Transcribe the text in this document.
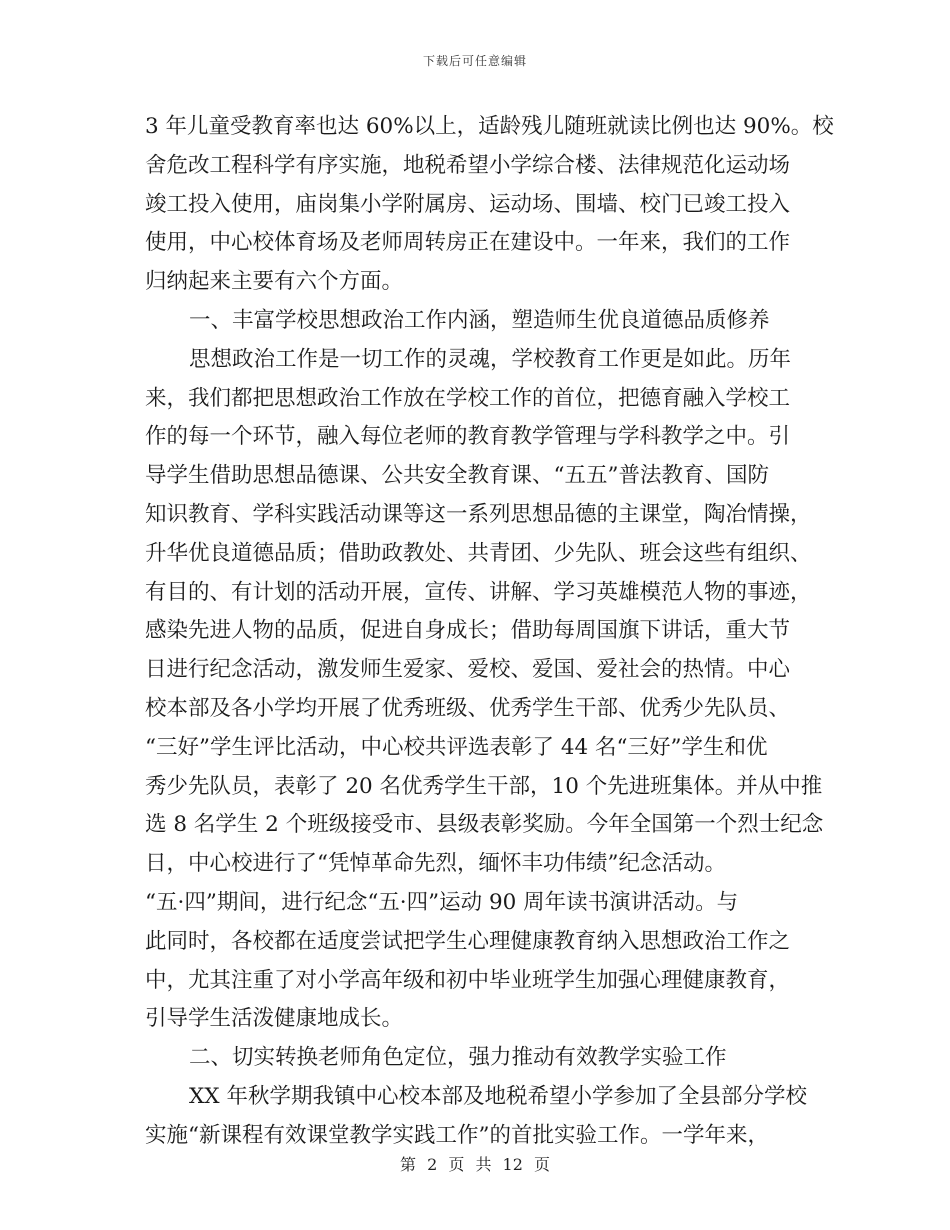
下载后可任意编辑
3 年儿童受教育率也达 60%以上，适龄残儿随班就读比例也达 90%。校
舍危改工程科学有序实施，地税希望小学综合楼、法律规范化运动场
竣工投入使用，庙岗集小学附属房、运动场、围墙、校门已竣工投入
使用，中心校体育场及老师周转房正在建设中。一年来，我们的工作
归纳起来主要有六个方面。
一、丰富学校思想政治工作内涵，塑造师生优良道德品质修养
思想政治工作是一切工作的灵魂，学校教育工作更是如此。历年
来，我们都把思想政治工作放在学校工作的首位，把德育融入学校工
作的每一个环节，融入每位老师的教育教学管理与学科教学之中。引
导学生借助思想品德课、公共安全教育课、“五五”普法教育、国防
知识教育、学科实践活动课等这一系列思想品德的主课堂，陶冶情操，
升华优良道德品质；借助政教处、共青团、少先队、班会这些有组织、
有目的、有计划的活动开展，宣传、讲解、学习英雄模范人物的事迹，
感染先进人物的品质，促进自身成长；借助每周国旗下讲话，重大节
日进行纪念活动，激发师生爱家、爱校、爱国、爱社会的热情。中心
校本部及各小学均开展了优秀班级、优秀学生干部、优秀少先队员、
“三好”学生评比活动，中心校共评选表彰了 44 名“三好”学生和优
秀少先队员，表彰了 20 名优秀学生干部，10 个先进班集体。并从中推
选 8 名学生 2 个班级接受市、县级表彰奖励。今年全国第一个烈士纪念
日，中心校进行了“凭悼革命先烈，缅怀丰功伟绩”纪念活动。
“五·四”期间，进行纪念“五·四”运动 90 周年读书演讲活动。与
此同时，各校都在适度尝试把学生心理健康教育纳入思想政治工作之
中，尤其注重了对小学高年级和初中毕业班学生加强心理健康教育，
引导学生活泼健康地成长。
二、切实转换老师角色定位，强力推动有效教学实验工作
XX 年秋学期我镇中心校本部及地税希望小学参加了全县部分学校
实施“新课程有效课堂教学实践工作”的首批实验工作。一学年来，
第 2 页 共 12 页
